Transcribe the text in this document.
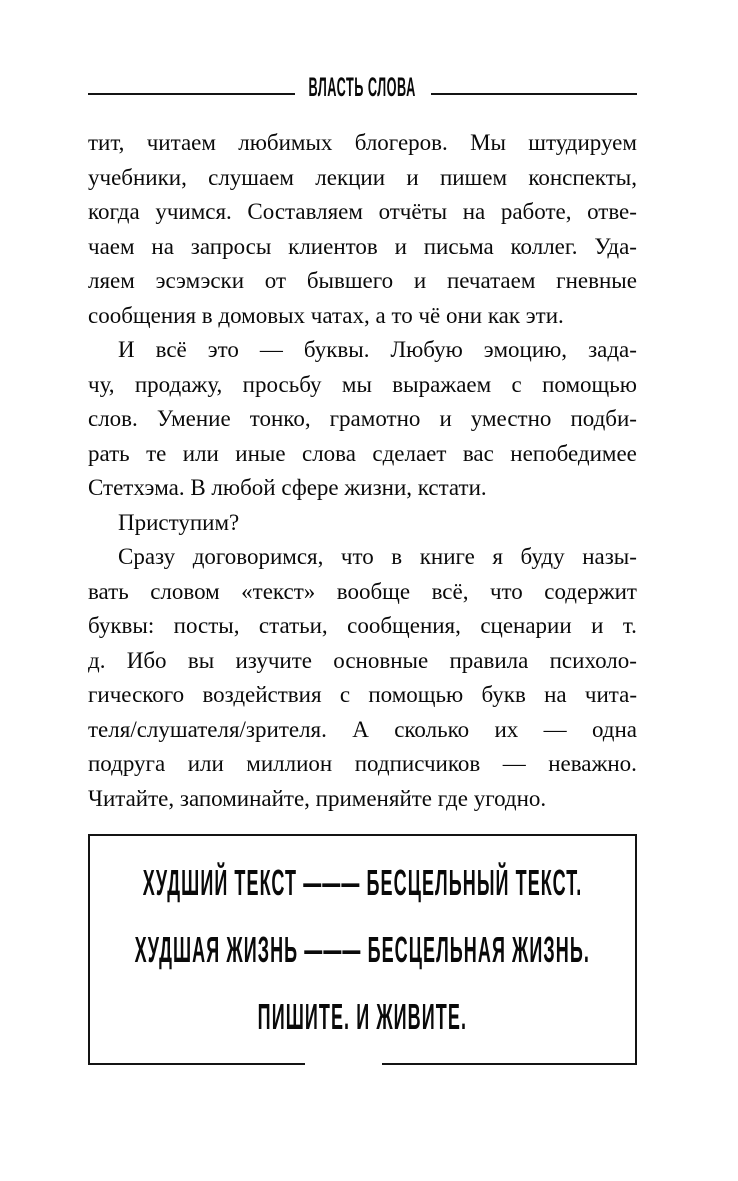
ВЛАСТЬ СЛОВА
тит, читаем любимых блогеров. Мы штудируем
учебники, слушаем лекции и пишем конспекты,
когда учимся. Составляем отчёты на работе, отве-
чаем на запросы клиентов и письма коллег. Уда-
ляем эсэмэски от бывшего и печатаем гневные
сообщения в домовых чатах, а то чё они как эти.
И всё это — буквы. Любую эмоцию, зада-
чу, продажу, просьбу мы выражаем с помощью
слов. Умение тонко, грамотно и уместно подби-
рать те или иные слова сделает вас непобедимее
Стетхэма. В любой сфере жизни, кстати.
Приступим?
Сразу договоримся, что в книге я буду назы-
вать словом «текст» вообще всё, что содержит
буквы: посты, статьи, сообщения, сценарии и т.
д. Ибо вы изучите основные правила психоло-
гического воздействия с помощью букв на чита-
теля/слушателя/зрителя. А сколько их — одна
подруга или миллион подписчиков — неважно.
Читайте, запоминайте, применяйте где угодно.
ХУДШИЙ ТЕКСТ ——— БЕСЦЕЛЬНЫЙ ТЕКСТ.
ХУДШАЯ ЖИЗНЬ ——— БЕСЦЕЛЬНАЯ ЖИЗНЬ.
ПИШИТЕ. И ЖИВИТЕ.
